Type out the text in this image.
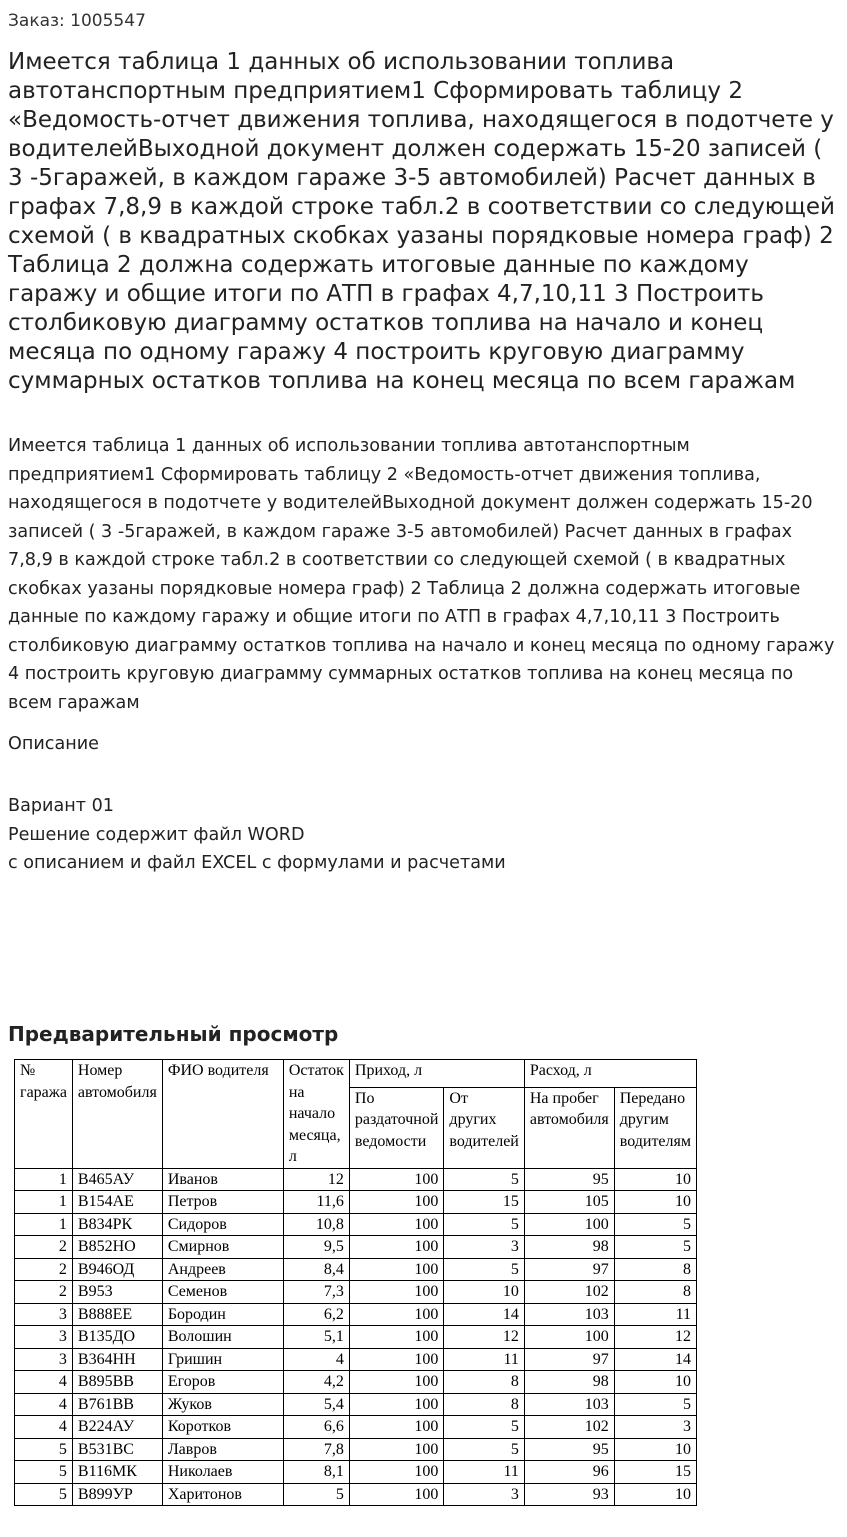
Заказ: 1005547
Имеется таблица 1 данных об использовании топлива автотанспортным предприятием1 Сформировать таблицу 2 «Ведомость-отчет движения топлива, находящегося в подотчете у водителейВыходной документ должен содержать 15-20 записей ( 3 -5гаражей, в каждом гараже 3-5 автомобилей) Расчет данных в графах 7,8,9 в каждой строке табл.2 в соответствии со следующей схемой ( в квадратных скобках уазаны порядковые номера граф) 2 Таблица 2 должна содержать итоговые данные по каждому гаражу и общие итоги по АТП в графах 4,7,10,11 3 Построить столбиковую диаграмму остатков топлива на начало и конец месяца по одному гаражу 4 построить круговую диаграмму суммарных остатков топлива на конец месяца по всем гаражам

Имеется таблица 1 данных об использовании топлива автотанспортным предприятием1 Сформировать таблицу 2 «Ведомость-отчет движения топлива, находящегося в подотчете у водителейВыходной документ должен содержать 15-20 записей ( 3 -5гаражей, в каждом гараже 3-5 автомобилей) Расчет данных в графах 7,8,9 в каждой строке табл.2 в соответствии со следующей схемой ( в квадратных скобках уазаны порядковые номера граф) 2 Таблица 2 должна содержать итоговые данные по каждому гаражу и общие итоги по АТП в графах 4,7,10,11 3 Построить столбиковую диаграмму остатков топлива на начало и конец месяца по одному гаражу 4 построить круговую диаграмму суммарных остатков топлива на конец месяца по всем гаражам

Описание
Вариант 01
Решение содержит файл WORD
с описанием и файл EXCEL с формулами и расчетами
Предварительный просмотр
№ гаража	Номер автомобиля	ФИО водителя	Остаток на начало месяца, л	Приход, л		Расход, л	
				По раздаточной ведомости	От других водителей	На пробег автомобиля	Передано другим водителям
1	В465АУ	Иванов	12	100	5	95	10
1	В154АЕ	Петров	11,6	100	15	105	10
1	В834РК	Сидоров	10,8	100	5	100	5
2	В852НО	Смирнов	9,5	100	3	98	5
2	В946ОД	Андреев	8,4	100	5	97	8
2	В953	Семенов	7,3	100	10	102	8
3	В888ЕЕ	Бородин	6,2	100	14	103	11
3	В135ДО	Волошин	5,1	100	12	100	12
3	В364НН	Гришин	4	100	11	97	14
4	В895ВВ	Егоров	4,2	100	8	98	10
4	В761ВВ	Жуков	5,4	100	8	103	5
4	В224АУ	Коротков	6,6	100	5	102	3
5	В531ВС	Лавров	7,8	100	5	95	10
5	В116МК	Николаев	8,1	100	11	96	15
5	В899УР	Харитонов	5	100	3	93	10
